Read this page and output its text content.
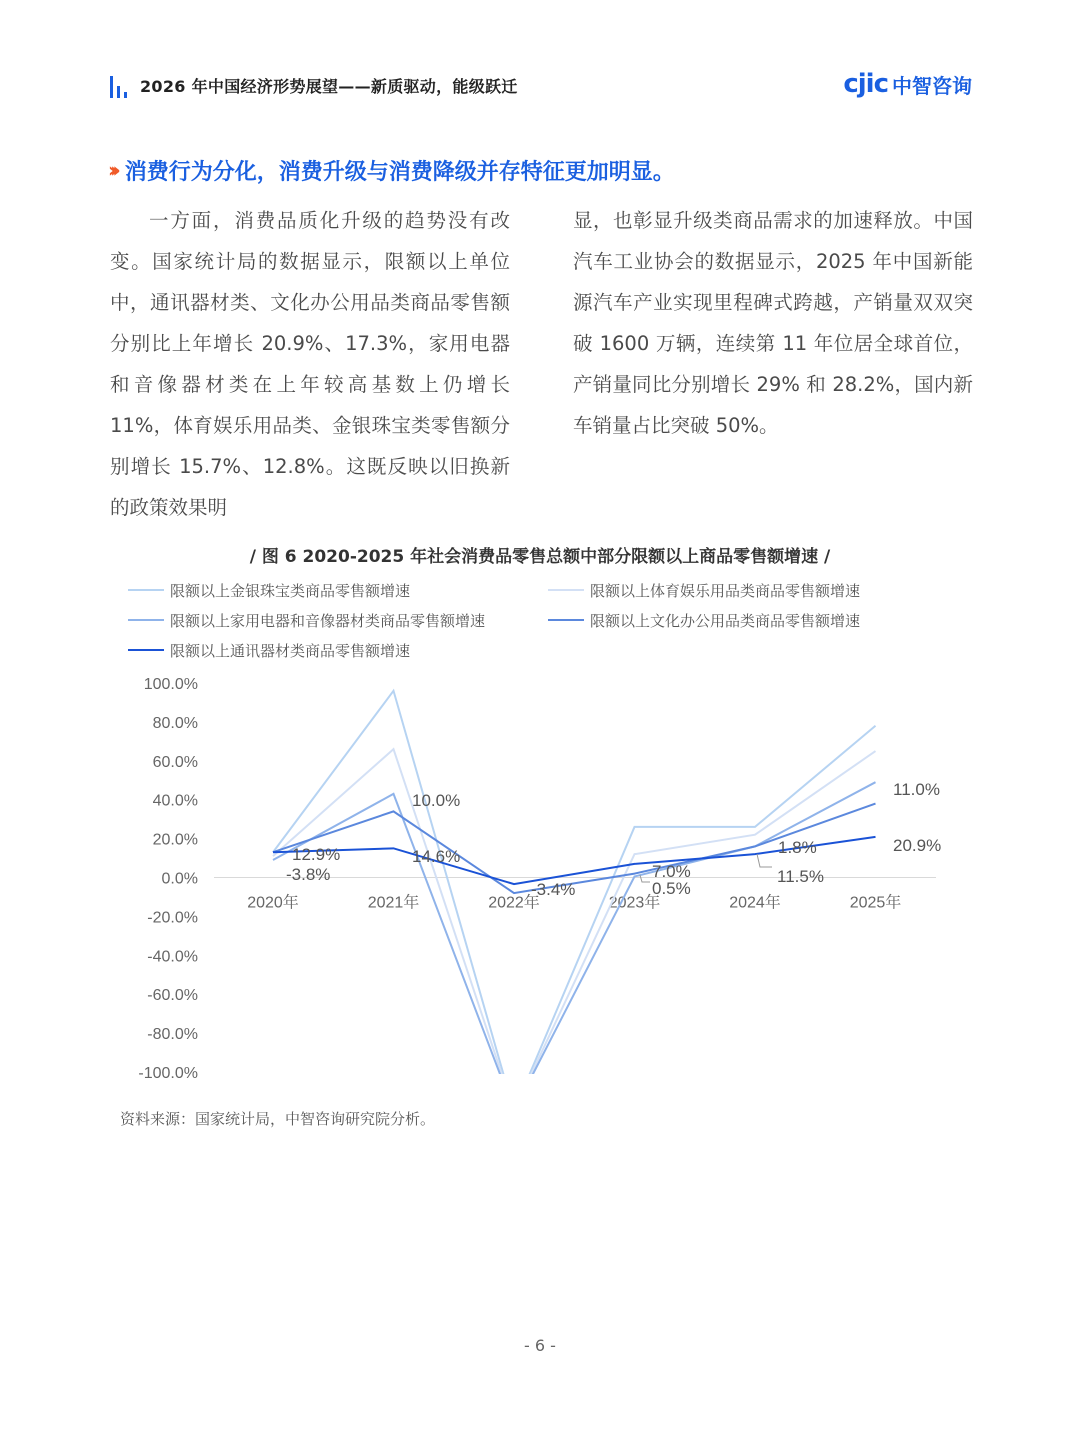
2026 年中国经济形势展望——新质驱动，能级跃迁	cjic 中智咨询
››› 消费行为分化，消费升级与消费降级并存特征更加明显。

一方面，消费品质化升级的趋势没有改变。国家统计局的数据显示，限额以上单位中，通讯器材类、文化办公用品类商品零售额分别比上年增长 20.9%、17.3%，家用电器和音像器材类在上年较高基数上仍增长 11%，体育娱乐用品类、金银珠宝类零售额分别增长 15.7%、12.8%。这既反映以旧换新的政策效果明

显，也彰显升级类商品需求的加速释放。中国汽车工业协会的数据显示，2025 年中国新能源汽车产业实现里程碑式跨越，产销量双双突破 1600 万辆，连续第 11 年位居全球首位，产销量同比分别增长 29% 和 28.2%，国内新车销量占比突破 50%。

/ 图 6 2020-2025 年社会消费品零售总额中部分限额以上商品零售额增速 /
限额以上金银珠宝类商品零售额增速	限额以上体育娱乐用品类商品零售额增速
限额以上家用电器和音像器材类商品零售额增速	限额以上文化办公用品类商品零售额增速
限额以上通讯器材类商品零售额增速
100.0%
80.0%
60.0%
40.0%
20.0%
0.0%
-20.0%
-40.0%
-60.0%
-80.0%
-100.0%
2020年	2021年	2022年	2023年	2024年	2025年
12.9%
-3.8%
10.0%
14.6%
-3.4%
7.0%
0.5%
1.8%
11.5%
11.0%
20.9%
资料来源：国家统计局，中智咨询研究院分析。
- 6 -
